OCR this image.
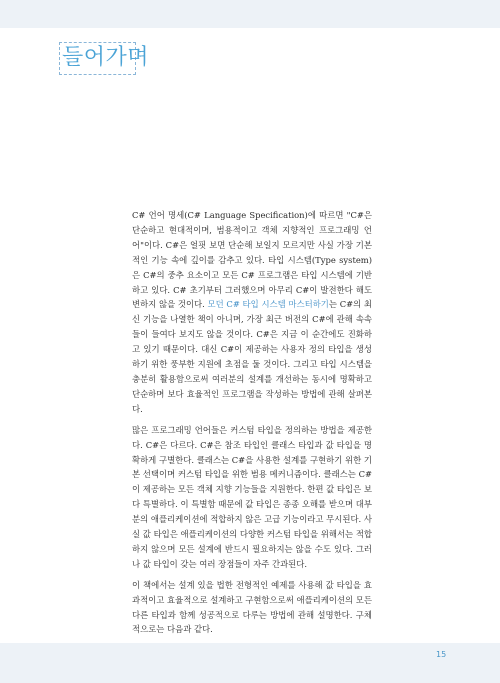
들어가며

C# 언어 명세(C# Language Specification)에 따르면 "C#은 단순하고 현대적이며, 범용적이고 객체 지향적인 프로그래밍 언어"이다. C#은 얼핏 보면 단순해 보일지 모르지만 사실 가장 기본적인 기능 속에 깊이를 감추고 있다. 타입 시스템(Type system)은 C#의 중추 요소이고 모든 C# 프로그램은 타입 시스템에 기반하고 있다. C# 초기부터 그러했으며 아무리 C#이 발전한다 해도 변하지 않을 것이다. 모던 C# 타입 시스템 마스터하기는 C#의 최신 기능을 나열한 책이 아니며, 가장 최근 버전의 C#에 관해 속속들이 들여다 보지도 않을 것이다. C#은 지금 이 순간에도 진화하고 있기 때문이다. 대신 C#이 제공하는 사용자 정의 타입을 생성하기 위한 풍부한 지원에 초점을 둘 것이다. 그리고 타입 시스템을 충분히 활용함으로써 여러분의 설계를 개선하는 동시에 명확하고 단순하며 보다 효율적인 프로그램을 작성하는 방법에 관해 살펴본다.

많은 프로그래밍 언어들은 커스텀 타입을 정의하는 방법을 제공한다. C#은 다르다. C#은 참조 타입인 클래스 타입과 값 타입을 명확하게 구별한다. 클래스는 C#을 사용한 설계를 구현하기 위한 기본 선택이며 커스텀 타입을 위한 범용 메커니즘이다. 클래스는 C#이 제공하는 모든 객체 지향 기능들을 지원한다. 한편 값 타입은 보다 특별하다. 이 특별함 때문에 값 타입은 종종 오해를 받으며 대부분의 애플리케이션에 적합하지 않은 고급 기능이라고 무시된다. 사실 값 타입은 애플리케이션의 다양한 커스텀 타입을 위해서는 적합하지 않으며 모든 설계에 반드시 필요하지는 않을 수도 있다. 그러나 값 타입이 갖는 여러 장점들이 자주 간과된다.

이 책에서는 설계 있을 법한 전형적인 예제를 사용해 값 타입을 효과적이고 효율적으로 설계하고 구현함으로써 애플리케이션의 모든 다른 타입과 함께 성공적으로 다루는 방법에 관해 설명한다. 구체적으로는 다음과 같다.

15
